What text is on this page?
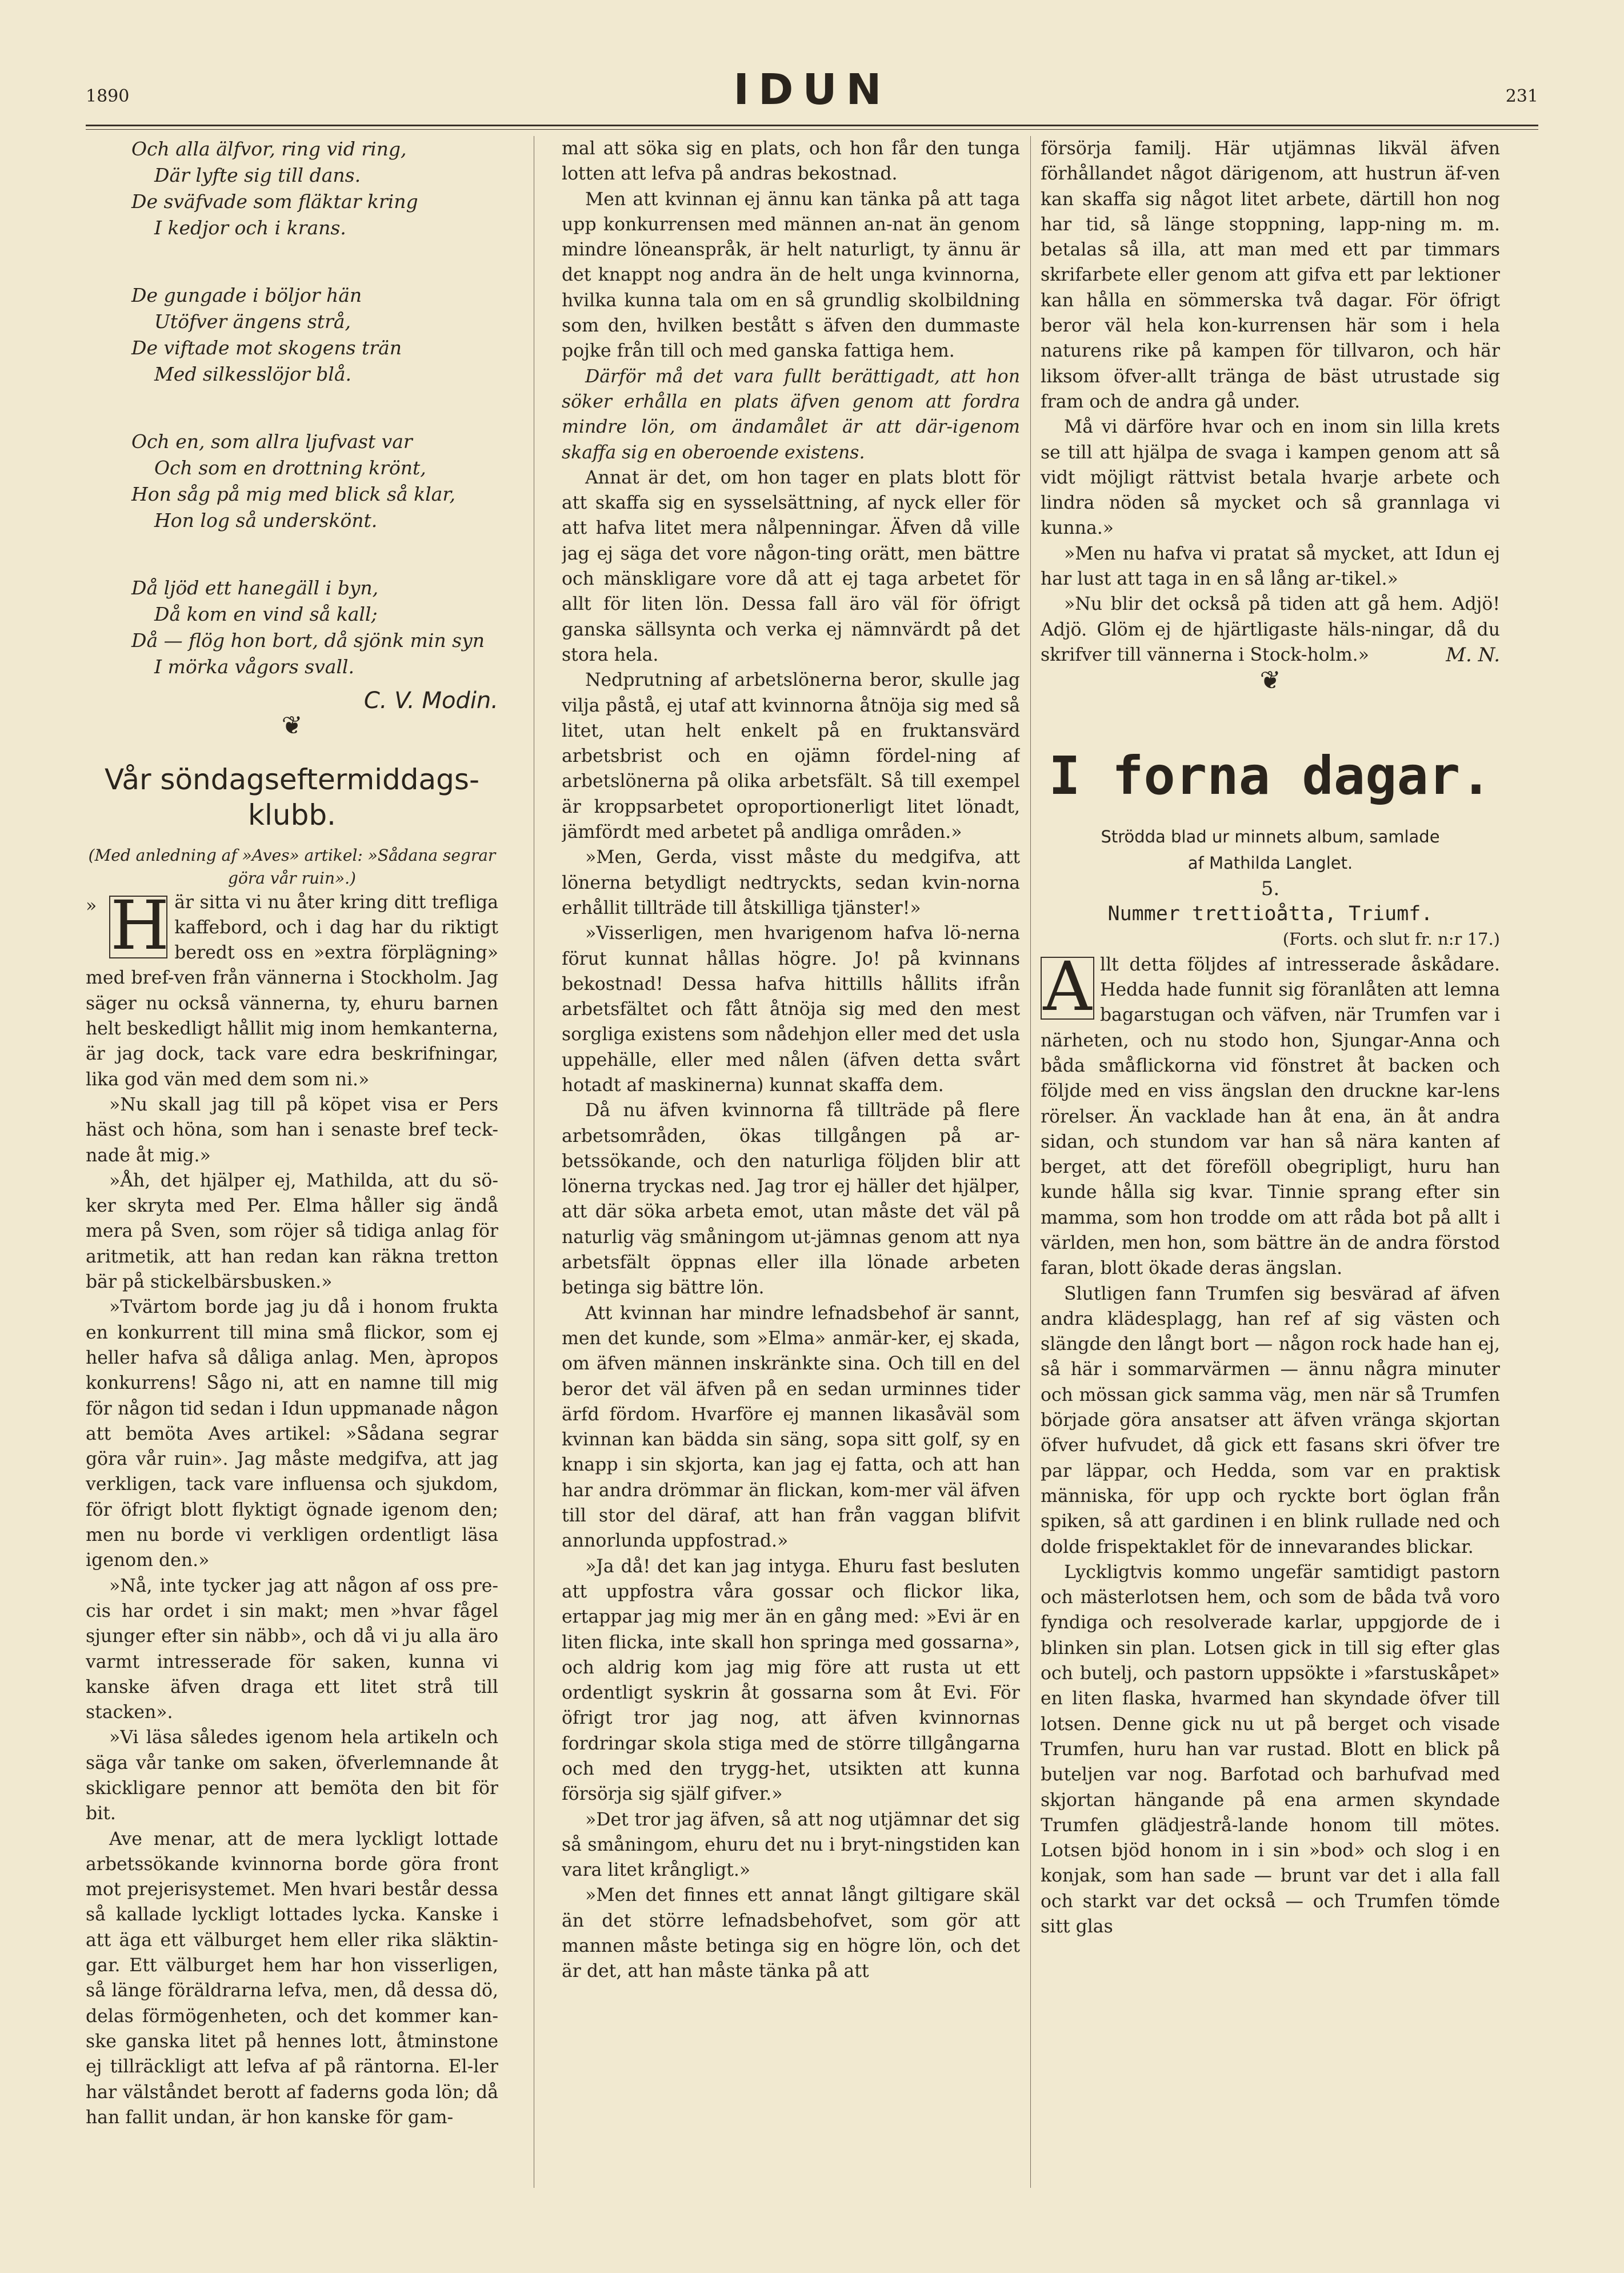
1890	IDUN	231
Och alla älfvor, ring vid ring,
Där lyfte sig till dans.
De sväfvade som fläktar kring
I kedjor och i krans.
De gungade i böljor hän
Utöfver ängens strå,
De viftade mot skogens trän
Med silkesslöjor blå.
Och en, som allra ljufvast var
Och som en drottning krönt,
Hon såg på mig med blick så klar,
Hon log så underskönt.
Då ljöd ett hanegäll i byn,
Då kom en vind så kall;
Då — flög hon bort, då sjönk min syn
I mörka vågors svall.

C. V. Modin.

❦

Vår söndagseftermiddags-klubb.

(Med anledning af »Aves» artikel: »Sådana segrar göra vår ruin».)

» H är sitta vi nu åter kring ditt trefliga kaffebord, och i dag har du riktigt beredt oss en »extra förplägning» med bref-ven från vännerna i Stockholm. Jag säger nu också vännerna, ty, ehuru barnen helt beskedligt hållit mig inom hemkanterna, är jag dock, tack vare edra beskrifningar, lika god vän med dem som ni.»

»Nu skall jag till på köpet visa er Pers häst och höna, som han i senaste bref teck-nade åt mig.»

»Åh, det hjälper ej, Mathilda, att du sö-ker skryta med Per. Elma håller sig ändå mera på Sven, som röjer så tidiga anlag för aritmetik, att han redan kan räkna tretton bär på stickelbärsbusken.»

»Tvärtom borde jag ju då i honom frukta en konkurrent till mina små flickor, som ej heller hafva så dåliga anlag. Men, àpropos konkurrens! Sågo ni, att en namne till mig för någon tid sedan i Idun uppmanade någon att bemöta Aves artikel: »Sådana segrar göra vår ruin». Jag måste medgifva, att jag verkligen, tack vare influensa och sjukdom, för öfrigt blott flyktigt ögnade igenom den; men nu borde vi verkligen ordentligt läsa igenom den.»

»Nå, inte tycker jag att någon af oss pre-cis har ordet i sin makt; men »hvar fågel sjunger efter sin näbb», och då vi ju alla äro varmt intresserade för saken, kunna vi kanske äfven draga ett litet strå till stacken».

»Vi läsa således igenom hela artikeln och säga vår tanke om saken, öfverlemnande åt skickligare pennor att bemöta den bit för bit.

Ave menar, att de mera lyckligt lottade arbetssökande kvinnorna borde göra front mot prejerisystemet. Men hvari består dessa så kallade lyckligt lottades lycka. Kanske i att äga ett välburget hem eller rika släktin-gar. Ett välburget hem har hon visserligen, så länge föräldrarna lefva, men, då dessa dö, delas förmögenheten, och det kommer kan-ske ganska litet på hennes lott, åtminstone ej tillräckligt att lefva af på räntorna. El-ler har välståndet berott af faderns goda lön; då han fallit undan, är hon kanske för gam-

mal att söka sig en plats, och hon får den tunga lotten att lefva på andras bekostnad.

Men att kvinnan ej ännu kan tänka på att taga upp konkurrensen med männen an-nat än genom mindre löneanspråk, är helt naturligt, ty ännu är det knappt nog andra än de helt unga kvinnorna, hvilka kunna tala om en så grundlig skolbildning som den, hvilken bestått s äfven den dummaste pojke från till och med ganska fattiga hem.

Därför må det vara fullt berättigadt, att hon söker erhålla en plats äfven genom att fordra mindre lön, om ändamålet är att där-igenom skaffa sig en oberoende existens.

Annat är det, om hon tager en plats blott för att skaffa sig en sysselsättning, af nyck eller för att hafva litet mera nålpenningar. Äfven då ville jag ej säga det vore någon-ting orätt, men bättre och mänskligare vore då att ej taga arbetet för allt för liten lön. Dessa fall äro väl för öfrigt ganska sällsynta och verka ej nämnvärdt på det stora hela.

Nedprutning af arbetslönerna beror, skulle jag vilja påstå, ej utaf att kvinnorna åtnöja sig med så litet, utan helt enkelt på en fruktansvärd arbetsbrist och en ojämn fördel-ning af arbetslönerna på olika arbetsfält. Så till exempel är kroppsarbetet oproportionerligt litet lönadt, jämfördt med arbetet på andliga områden.»

»Men, Gerda, visst måste du medgifva, att lönerna betydligt nedtryckts, sedan kvin-norna erhållit tillträde till åtskilliga tjänster!»

»Visserligen, men hvarigenom hafva lö-nerna förut kunnat hållas högre. Jo! på kvinnans bekostnad! Dessa hafva hittills hållits ifrån arbetsfältet och fått åtnöja sig med den mest sorgliga existens som nådehjon eller med det usla uppehälle, eller med nålen (äfven detta svårt hotadt af maskinerna) kunnat skaffa dem.

Då nu äfven kvinnorna få tillträde på flere arbetsområden, ökas tillgången på ar-betssökande, och den naturliga följden blir att lönerna tryckas ned. Jag tror ej häller det hjälper, att där söka arbeta emot, utan måste det väl på naturlig väg småningom ut-jämnas genom att nya arbetsfält öppnas eller illa lönade arbeten betinga sig bättre lön.

Att kvinnan har mindre lefnadsbehof är sannt, men det kunde, som »Elma» anmär-ker, ej skada, om äfven männen inskränkte sina. Och till en del beror det väl äfven på en sedan urminnes tider ärfd fördom. Hvarföre ej mannen likasåväl som kvinnan kan bädda sin säng, sopa sitt golf, sy en knapp i sin skjorta, kan jag ej fatta, och att han har andra drömmar än flickan, kom-mer väl äfven till stor del däraf, att han från vaggan blifvit annorlunda uppfostrad.»

»Ja då! det kan jag intyga. Ehuru fast besluten att uppfostra våra gossar och flickor lika, ertappar jag mig mer än en gång med: »Evi är en liten flicka, inte skall hon springa med gossarna», och aldrig kom jag mig före att rusta ut ett ordentligt syskrin åt gossarna som åt Evi. För öfrigt tror jag nog, att äfven kvinnornas fordringar skola stiga med de större tillgångarna och med den trygg-het, utsikten att kunna försörja sig själf gifver.»

»Det tror jag äfven, så att nog utjämnar det sig så småningom, ehuru det nu i bryt-ningstiden kan vara litet krångligt.»

»Men det finnes ett annat långt giltigare skäl än det större lefnadsbehofvet, som gör att mannen måste betinga sig en högre lön, och det är det, att han måste tänka på att

försörja familj. Här utjämnas likväl äfven förhållandet något därigenom, att hustrun äf-ven kan skaffa sig något litet arbete, därtill hon nog har tid, så länge stoppning, lapp-ning m. m. betalas så illa, att man med ett par timmars skrifarbete eller genom att gifva ett par lektioner kan hålla en sömmerska två dagar. För öfrigt beror väl hela kon-kurrensen här som i hela naturens rike på kampen för tillvaron, och här liksom öfver-allt tränga de bäst utrustade sig fram och de andra gå under.

Må vi därföre hvar och en inom sin lilla krets se till att hjälpa de svaga i kampen genom att så vidt möjligt rättvist betala hvarje arbete och lindra nöden så mycket och så grannlaga vi kunna.»

»Men nu hafva vi pratat så mycket, att Idun ej har lust att taga in en så lång ar-tikel.»

»Nu blir det också på tiden att gå hem. Adjö! Adjö. Glöm ej de hjärtligaste häls-ningar, då du skrifver till vännerna i Stock-holm.»	M. N.

❦

I forna dagar.

Strödda blad ur minnets album, samlade

af Mathilda Langlet.

5.

Nummer trettioåtta, Triumf.

(Forts. och slut fr. n:r 17.)

A llt detta följdes af intresserade åskådare. Hedda hade funnit sig föranlåten att lemna bagarstugan och väfven, när Trumfen var i närheten, och nu stodo hon, Sjungar-Anna och båda småflickorna vid fönstret åt backen och följde med en viss ängslan den druckne kar-lens rörelser. Än vacklade han åt ena, än åt andra sidan, och stundom var han så nära kanten af berget, att det föreföll obegripligt, huru han kunde hålla sig kvar. Tinnie sprang efter sin mamma, som hon trodde om att råda bot på allt i världen, men hon, som bättre än de andra förstod faran, blott ökade deras ängslan.

Slutligen fann Trumfen sig besvärad af äfven andra klädesplagg, han ref af sig västen och slängde den långt bort — någon rock hade han ej, så här i sommarvärmen — ännu några minuter och mössan gick samma väg, men när så Trumfen började göra ansatser att äfven vränga skjortan öfver hufvudet, då gick ett fasans skri öfver tre par läppar, och Hedda, som var en praktisk människa, för upp och ryckte bort öglan från spiken, så att gardinen i en blink rullade ned och dolde frispektaklet för de innevarandes blickar.

Lyckligtvis kommo ungefär samtidigt pastorn och mästerlotsen hem, och som de båda två voro fyndiga och resolverade karlar, uppgjorde de i blinken sin plan. Lotsen gick in till sig efter glas och butelj, och pastorn uppsökte i »farstuskåpet» en liten flaska, hvarmed han skyndade öfver till lotsen. Denne gick nu ut på berget och visade Trumfen, huru han var rustad. Blott en blick på buteljen var nog. Barfotad och barhufvad med skjortan hängande på ena armen skyndade Trumfen glädjestrå-lande honom till mötes. Lotsen bjöd honom in i sin »bod» och slog i en konjak, som han sade — brunt var det i alla fall och starkt var det också — och Trumfen tömde sitt glas
